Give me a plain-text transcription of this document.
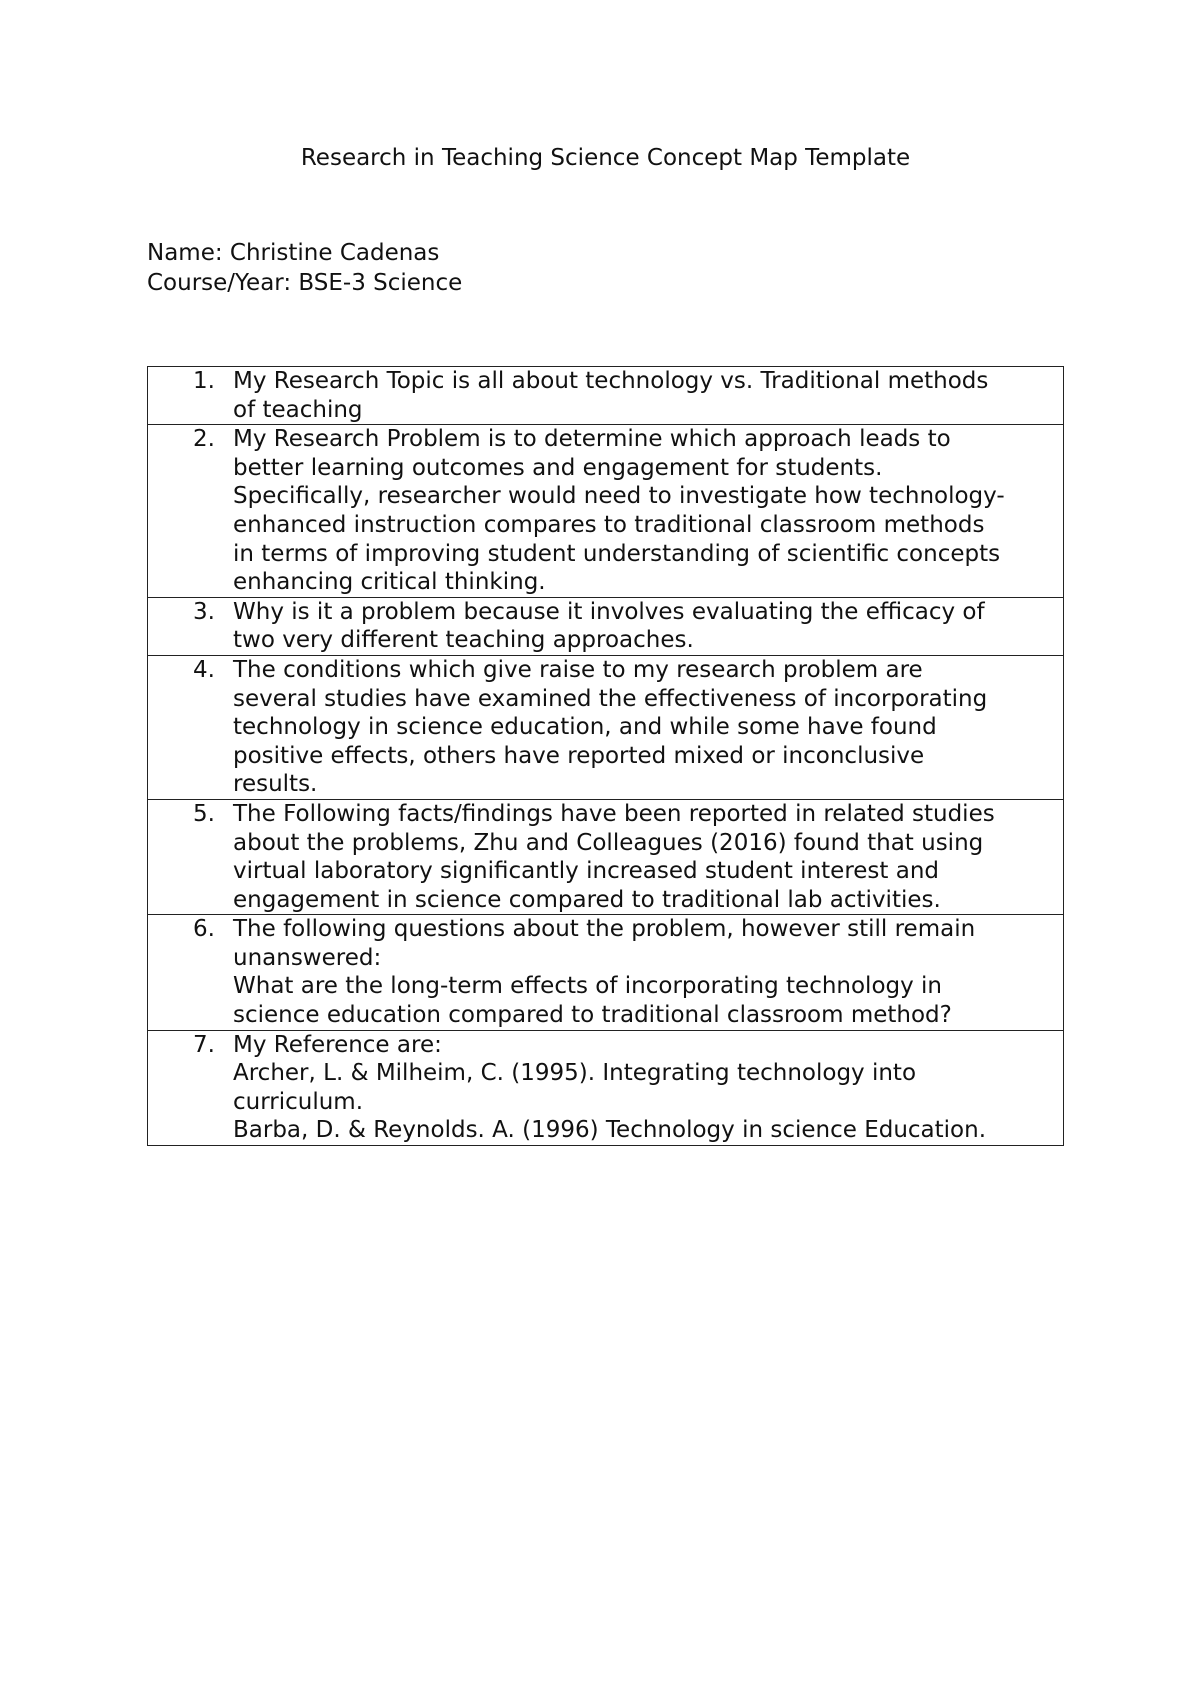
Research in Teaching Science Concept Map Template
Name: Christine Cadenas
Course/Year: BSE-3 Science
1. My Research Topic is all about technology vs. Traditional methods
of teaching

2. My Research Problem is to determine which approach leads to
better learning outcomes and engagement for students.
Specifically, researcher would need to investigate how technology-
enhanced instruction compares to traditional classroom methods
in terms of improving student understanding of scientific concepts
enhancing critical thinking.

3. Why is it a problem because it involves evaluating the efficacy of
two very different teaching approaches.

4. The conditions which give raise to my research problem are
several studies have examined the effectiveness of incorporating
technology in science education, and while some have found
positive effects, others have reported mixed or inconclusive
results.

5. The Following facts/findings have been reported in related studies
about the problems, Zhu and Colleagues (2016) found that using
virtual laboratory significantly increased student interest and
engagement in science compared to traditional lab activities.

6. The following questions about the problem, however still remain
unanswered:
What are the long-term effects of incorporating technology in
science education compared to traditional classroom method?

7. My Reference are:
Archer, L. & Milheim, C. (1995). Integrating technology into
curriculum.
Barba, D. & Reynolds. A. (1996) Technology in science Education.
